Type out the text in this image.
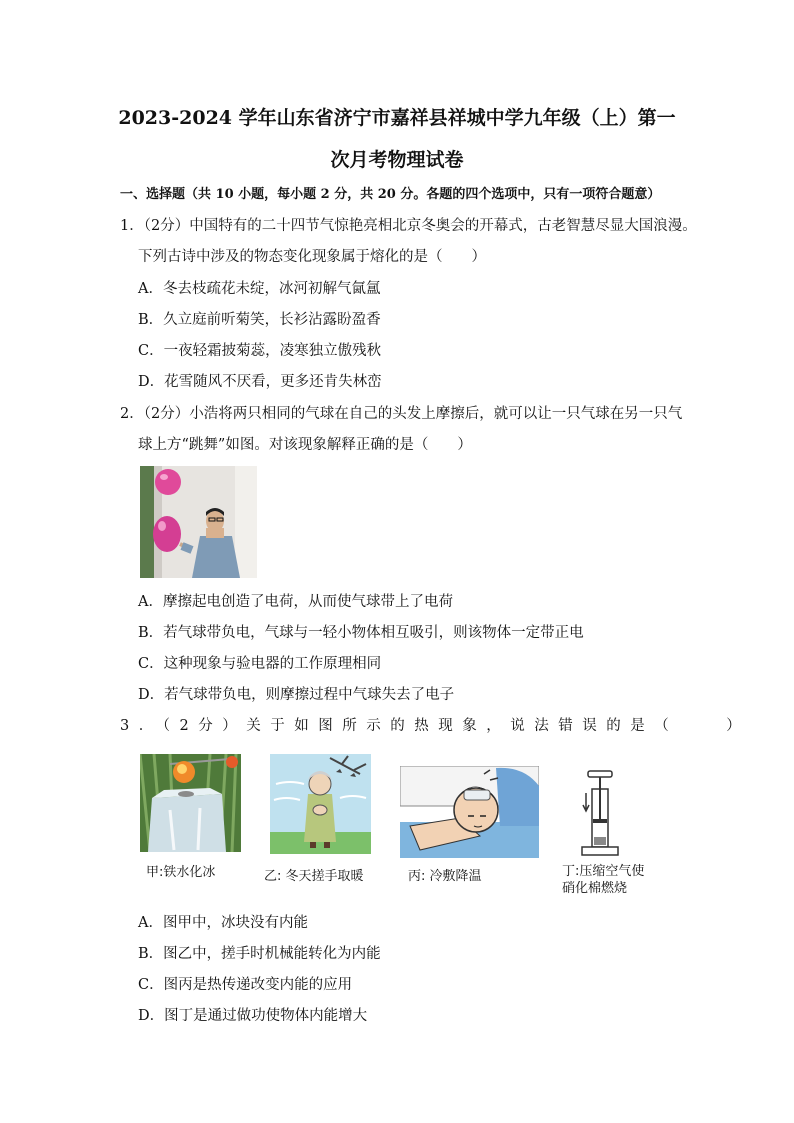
2023-2024 学年山东省济宁市嘉祥县祥城中学九年级（上）第一
次月考物理试卷
一、选择题（共 10 小题，每小题 2 分，共 20 分。各题的四个选项中，只有一项符合题意）
1．（2分）中国特有的二十四节气惊艳亮相北京冬奥会的开幕式，古老智慧尽显大国浪漫。
下列古诗中涉及的物态变化现象属于熔化的是（　　）
A．冬去枝疏花未绽，冰河初解气氤氲
B．久立庭前听菊笑，长衫沾露盼盈香
C．一夜轻霜披菊蕊，凌寒独立傲残秋
D．花雪随风不厌看，更多还肯失林峦
2．（2分）小浩将两只相同的气球在自己的头发上摩擦后，就可以让一只气球在另一只气
球上方“跳舞”如图。对该现象解释正确的是（　　）
A．摩擦起电创造了电荷，从而使气球带上了电荷
B．若气球带负电，气球与一轻小物体相互吸引，则该物体一定带正电
C．这种现象与验电器的工作原理相同
D．若气球带负电，则摩擦过程中气球失去了电子
3．（2分）关于如图所示的热现象，说法错误的是（　　）
甲:铁水化冰	乙: 冬天搓手取暖	丙: 冷敷降温	丁:压缩空气使
硝化棉燃烧
A．图甲中，冰块没有内能
B．图乙中，搓手时机械能转化为内能
C．图丙是热传递改变内能的应用
D．图丁是通过做功使物体内能增大
